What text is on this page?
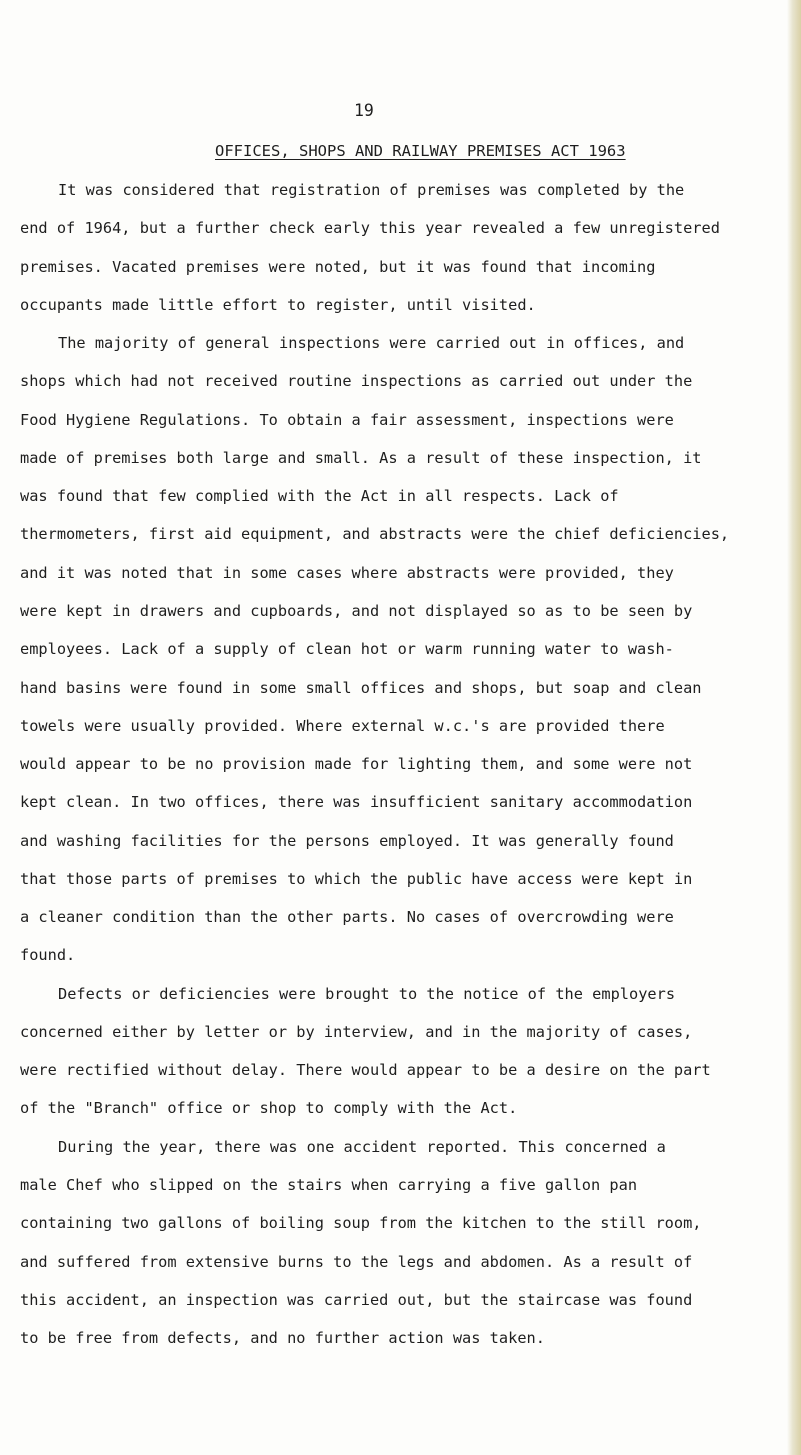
19
OFFICES, SHOPS AND RAILWAY PREMISES ACT 1963
It was considered that registration of premises was completed by the
end of 1964, but a further check early this year revealed a few unregistered
premises. Vacated premises were noted, but it was found that incoming
occupants made little effort to register, until visited.
The majority of general inspections were carried out in offices, and
shops which had not received routine inspections as carried out under the
Food Hygiene Regulations. To obtain a fair assessment, inspections were
made of premises both large and small. As a result of these inspection, it
was found that few complied with the Act in all respects. Lack of
thermometers, first aid equipment, and abstracts were the chief deficiencies,
and it was noted that in some cases where abstracts were provided, they
were kept in drawers and cupboards, and not displayed so as to be seen by
employees. Lack of a supply of clean hot or warm running water to wash-
hand basins were found in some small offices and shops, but soap and clean
towels were usually provided. Where external w.c.'s are provided there
would appear to be no provision made for lighting them, and some were not
kept clean. In two offices, there was insufficient sanitary accommodation
and washing facilities for the persons employed. It was generally found
that those parts of premises to which the public have access were kept in
a cleaner condition than the other parts. No cases of overcrowding were
found.
Defects or deficiencies were brought to the notice of the employers
concerned either by letter or by interview, and in the majority of cases,
were rectified without delay. There would appear to be a desire on the part
of the "Branch" office or shop to comply with the Act.
During the year, there was one accident reported. This concerned a
male Chef who slipped on the stairs when carrying a five gallon pan
containing two gallons of boiling soup from the kitchen to the still room,
and suffered from extensive burns to the legs and abdomen. As a result of
this accident, an inspection was carried out, but the staircase was found
to be free from defects, and no further action was taken.
